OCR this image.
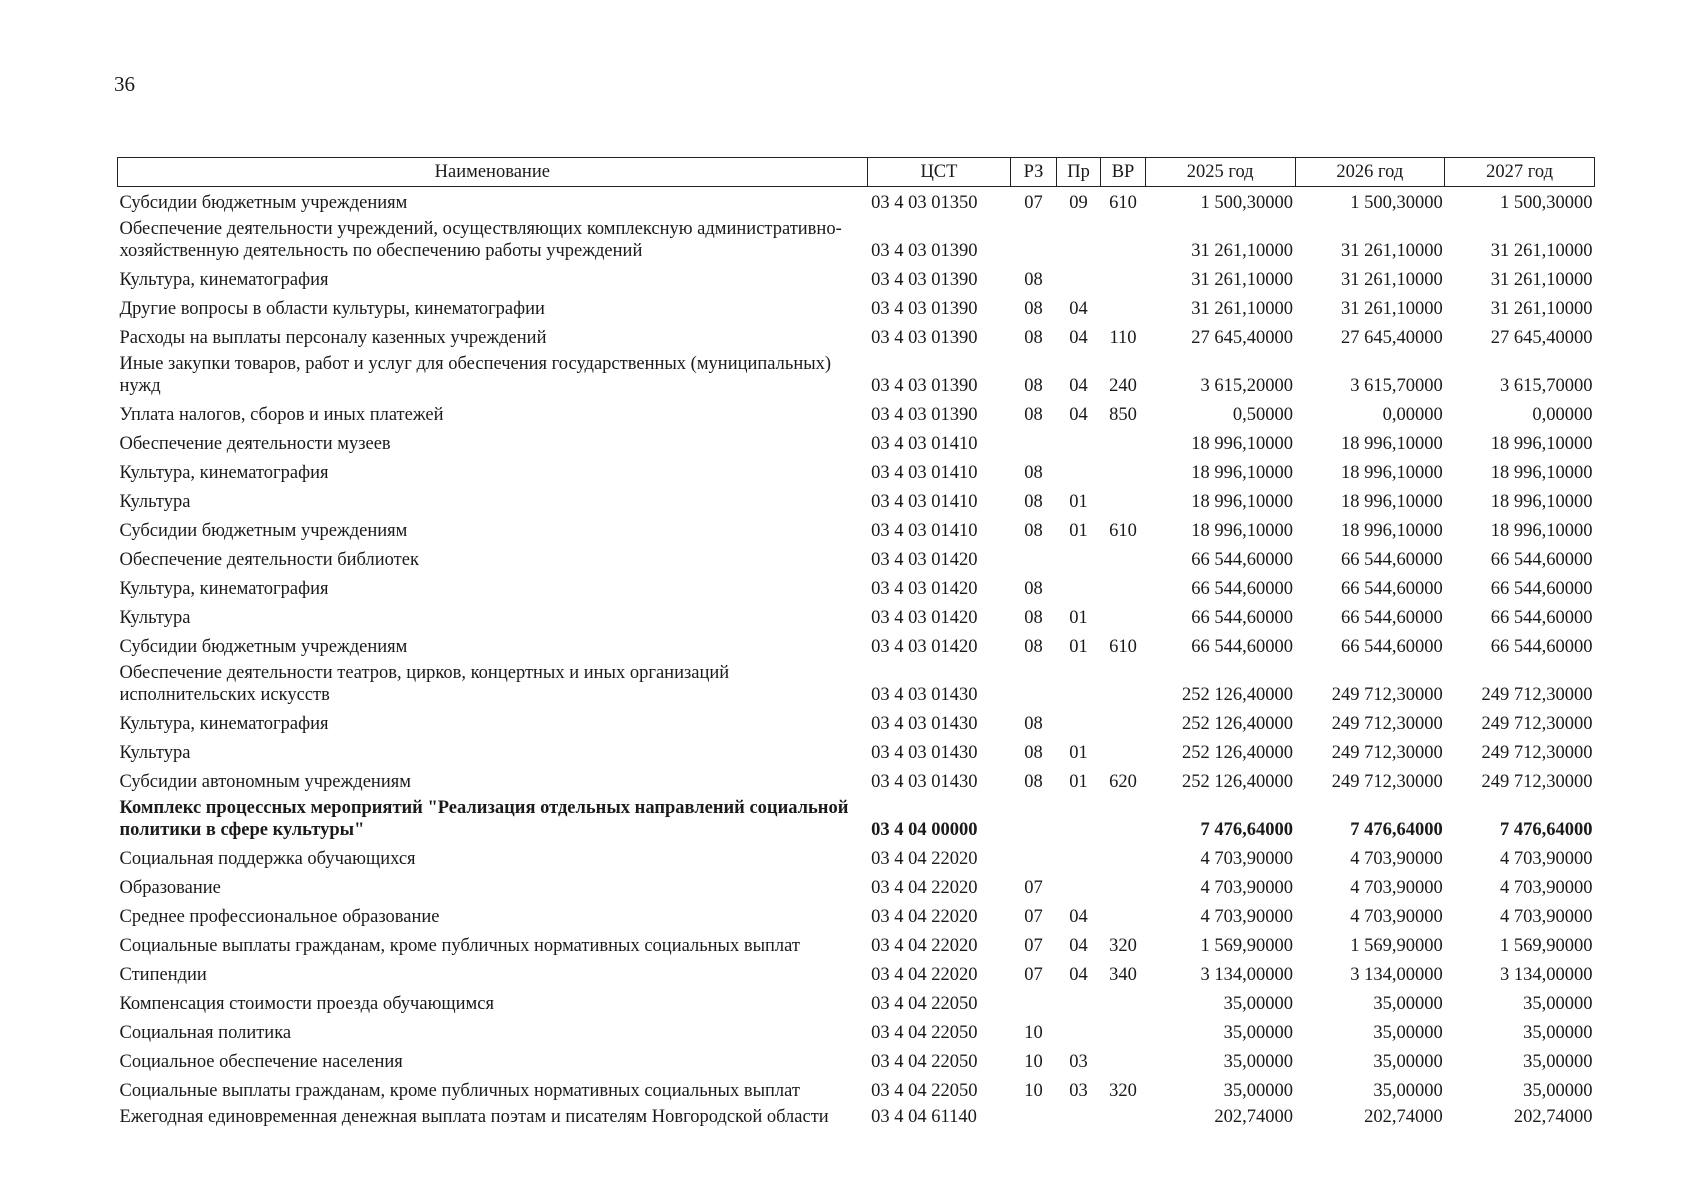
36
Наименование	ЦСТ	РЗ	Пр	ВР	2025 год	2026 год	2027 год
Субсидии бюджетным учреждениям	03 4 03 01350	07	09	610	1 500,30000	1 500,30000	1 500,30000
Обеспечение деятельности учреждений, осуществляющих комплексную административно-хозяйственную деятельность по обеспечению работы учреждений	03 4 03 01390				31 261,10000	31 261,10000	31 261,10000
Культура, кинематография	03 4 03 01390	08			31 261,10000	31 261,10000	31 261,10000
Другие вопросы в области культуры, кинематографии	03 4 03 01390	08	04		31 261,10000	31 261,10000	31 261,10000
Расходы на выплаты персоналу казенных учреждений	03 4 03 01390	08	04	110	27 645,40000	27 645,40000	27 645,40000
Иные закупки товаров, работ и услуг для обеспечения государственных (муниципальных) нужд	03 4 03 01390	08	04	240	3 615,20000	3 615,70000	3 615,70000
Уплата налогов, сборов и иных платежей	03 4 03 01390	08	04	850	0,50000	0,00000	0,00000
Обеспечение деятельности музеев	03 4 03 01410				18 996,10000	18 996,10000	18 996,10000
Культура, кинематография	03 4 03 01410	08			18 996,10000	18 996,10000	18 996,10000
Культура	03 4 03 01410	08	01		18 996,10000	18 996,10000	18 996,10000
Субсидии бюджетным учреждениям	03 4 03 01410	08	01	610	18 996,10000	18 996,10000	18 996,10000
Обеспечение деятельности библиотек	03 4 03 01420				66 544,60000	66 544,60000	66 544,60000
Культура, кинематография	03 4 03 01420	08			66 544,60000	66 544,60000	66 544,60000
Культура	03 4 03 01420	08	01		66 544,60000	66 544,60000	66 544,60000
Субсидии бюджетным учреждениям	03 4 03 01420	08	01	610	66 544,60000	66 544,60000	66 544,60000
Обеспечение деятельности театров, цирков, концертных и иных организаций исполнительских искусств	03 4 03 01430				252 126,40000	249 712,30000	249 712,30000
Культура, кинематография	03 4 03 01430	08			252 126,40000	249 712,30000	249 712,30000
Культура	03 4 03 01430	08	01		252 126,40000	249 712,30000	249 712,30000
Субсидии автономным учреждениям	03 4 03 01430	08	01	620	252 126,40000	249 712,30000	249 712,30000
Комплекс процессных мероприятий "Реализация отдельных направлений социальной политики в сфере культуры"	03 4 04 00000				7 476,64000	7 476,64000	7 476,64000
Социальная поддержка обучающихся	03 4 04 22020				4 703,90000	4 703,90000	4 703,90000
Образование	03 4 04 22020	07			4 703,90000	4 703,90000	4 703,90000
Среднее профессиональное образование	03 4 04 22020	07	04		4 703,90000	4 703,90000	4 703,90000
Социальные выплаты гражданам, кроме публичных нормативных социальных выплат	03 4 04 22020	07	04	320	1 569,90000	1 569,90000	1 569,90000
Стипендии	03 4 04 22020	07	04	340	3 134,00000	3 134,00000	3 134,00000
Компенсация стоимости проезда обучающимся	03 4 04 22050				35,00000	35,00000	35,00000
Социальная политика	03 4 04 22050	10			35,00000	35,00000	35,00000
Социальное обеспечение населения	03 4 04 22050	10	03		35,00000	35,00000	35,00000
Социальные выплаты гражданам, кроме публичных нормативных социальных выплат	03 4 04 22050	10	03	320	35,00000	35,00000	35,00000
Ежегодная единовременная денежная выплата поэтам и писателям Новгородской области	03 4 04 61140				202,74000	202,74000	202,74000
